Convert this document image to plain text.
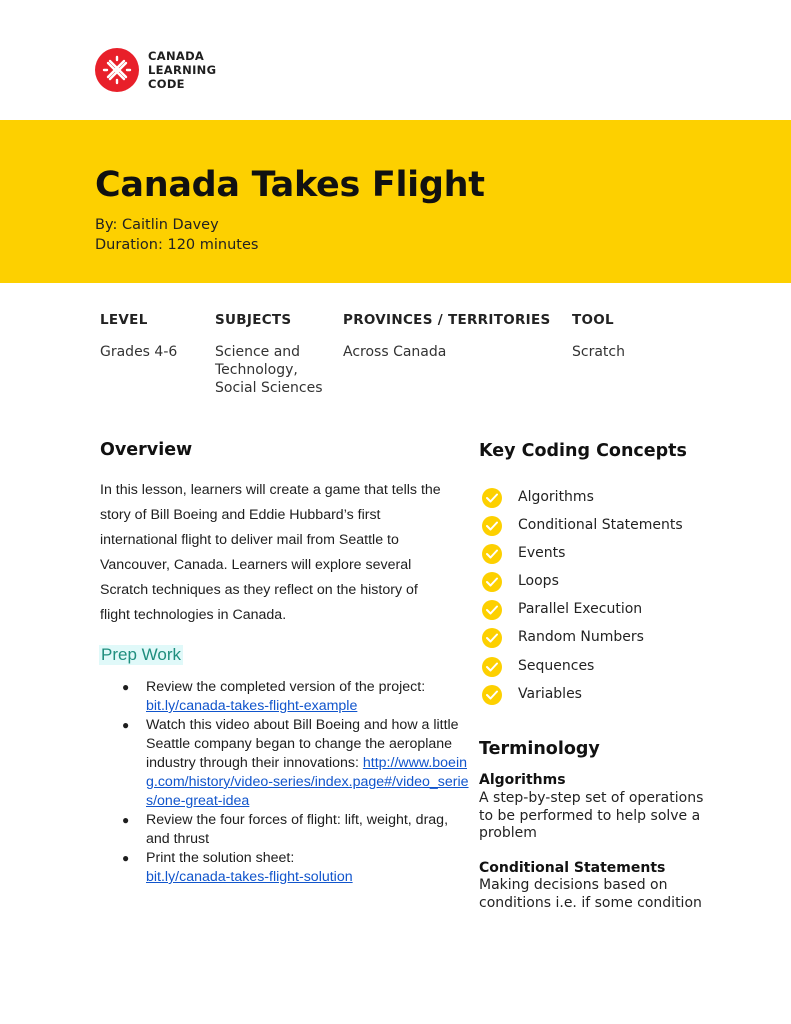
CANADA
LEARNING
CODE
Canada Takes Flight
By: Caitlin Davey
Duration: 120 minutes
LEVEL
Grades 4-6
SUBJECTS
Science and
Technology,
Social Sciences
PROVINCES / TERRITORIES
Across Canada
TOOL
Scratch
Overview
In this lesson, learners will create a game that tells the
story of Bill Boeing and Eddie Hubbard’s first
international flight to deliver mail from Seattle to
Vancouver, Canada. Learners will explore several
Scratch techniques as they reflect on the history of
flight technologies in Canada.
Prep Work
● Review the completed version of the project:
bit.ly/canada-takes-flight-example
● Watch this video about Bill Boeing and how a little Seattle company began to change the aeroplane industry through their innovations: http://www.boeing.com/history/video-series/index.page#/video_series/one-great-idea
● Review the four forces of flight: lift, weight, drag, and thrust
● Print the solution sheet:
bit.ly/canada-takes-flight-solution
Key Coding Concepts
Algorithms
Conditional Statements
Events
Loops
Parallel Execution
Random Numbers
Sequences
Variables
Terminology
Algorithms
A step-by-step set of operations to be performed to help solve a problem
Conditional Statements
Making decisions based on conditions i.e. if some condition
